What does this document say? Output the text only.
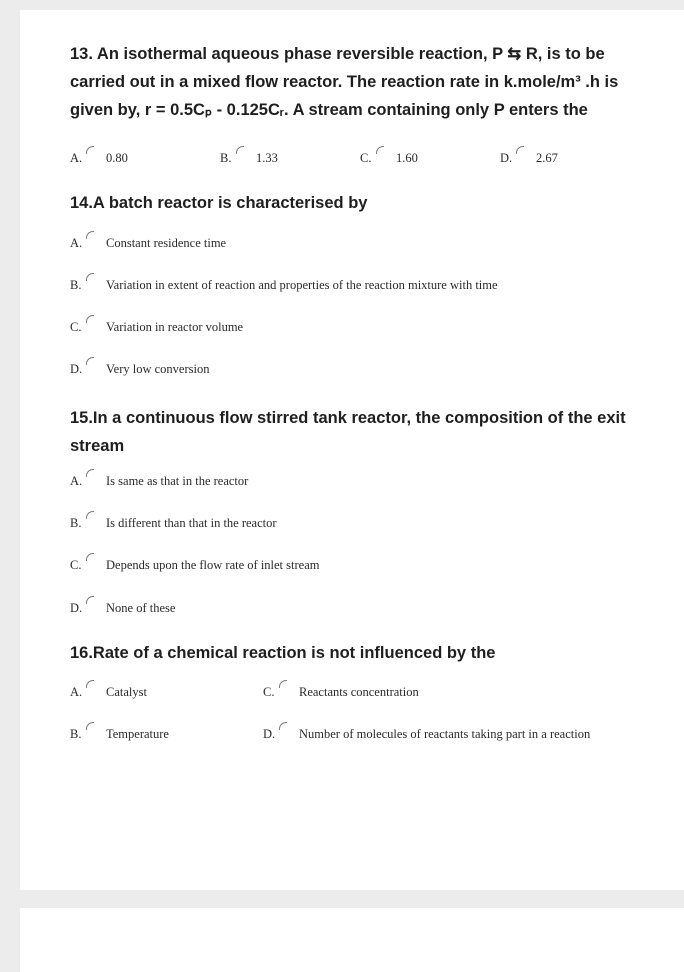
13. An isothermal aqueous phase reversible reaction, P ⇆ R, is to be carried out in a mixed flow reactor. The reaction rate in k.mole/m³ .h is given by, r = 0.5Cₚ - 0.125Cᵣ. A stream containing only P enters the
A. 0.80	B. 1.33	C. 1.60	D. 2.67
14.A batch reactor is characterised by
A. Constant residence time
B. Variation in extent of reaction and properties of the reaction mixture with time
C. Variation in reactor volume
D. Very low conversion
15.In a continuous flow stirred tank reactor, the composition of the exit stream
A. Is same as that in the reactor
B. Is different than that in the reactor
C. Depends upon the flow rate of inlet stream
D. None of these
16.Rate of a chemical reaction is not influenced by the
A. Catalyst	C. Reactants concentration
B. Temperature	D. Number of molecules of reactants taking part in a reaction
